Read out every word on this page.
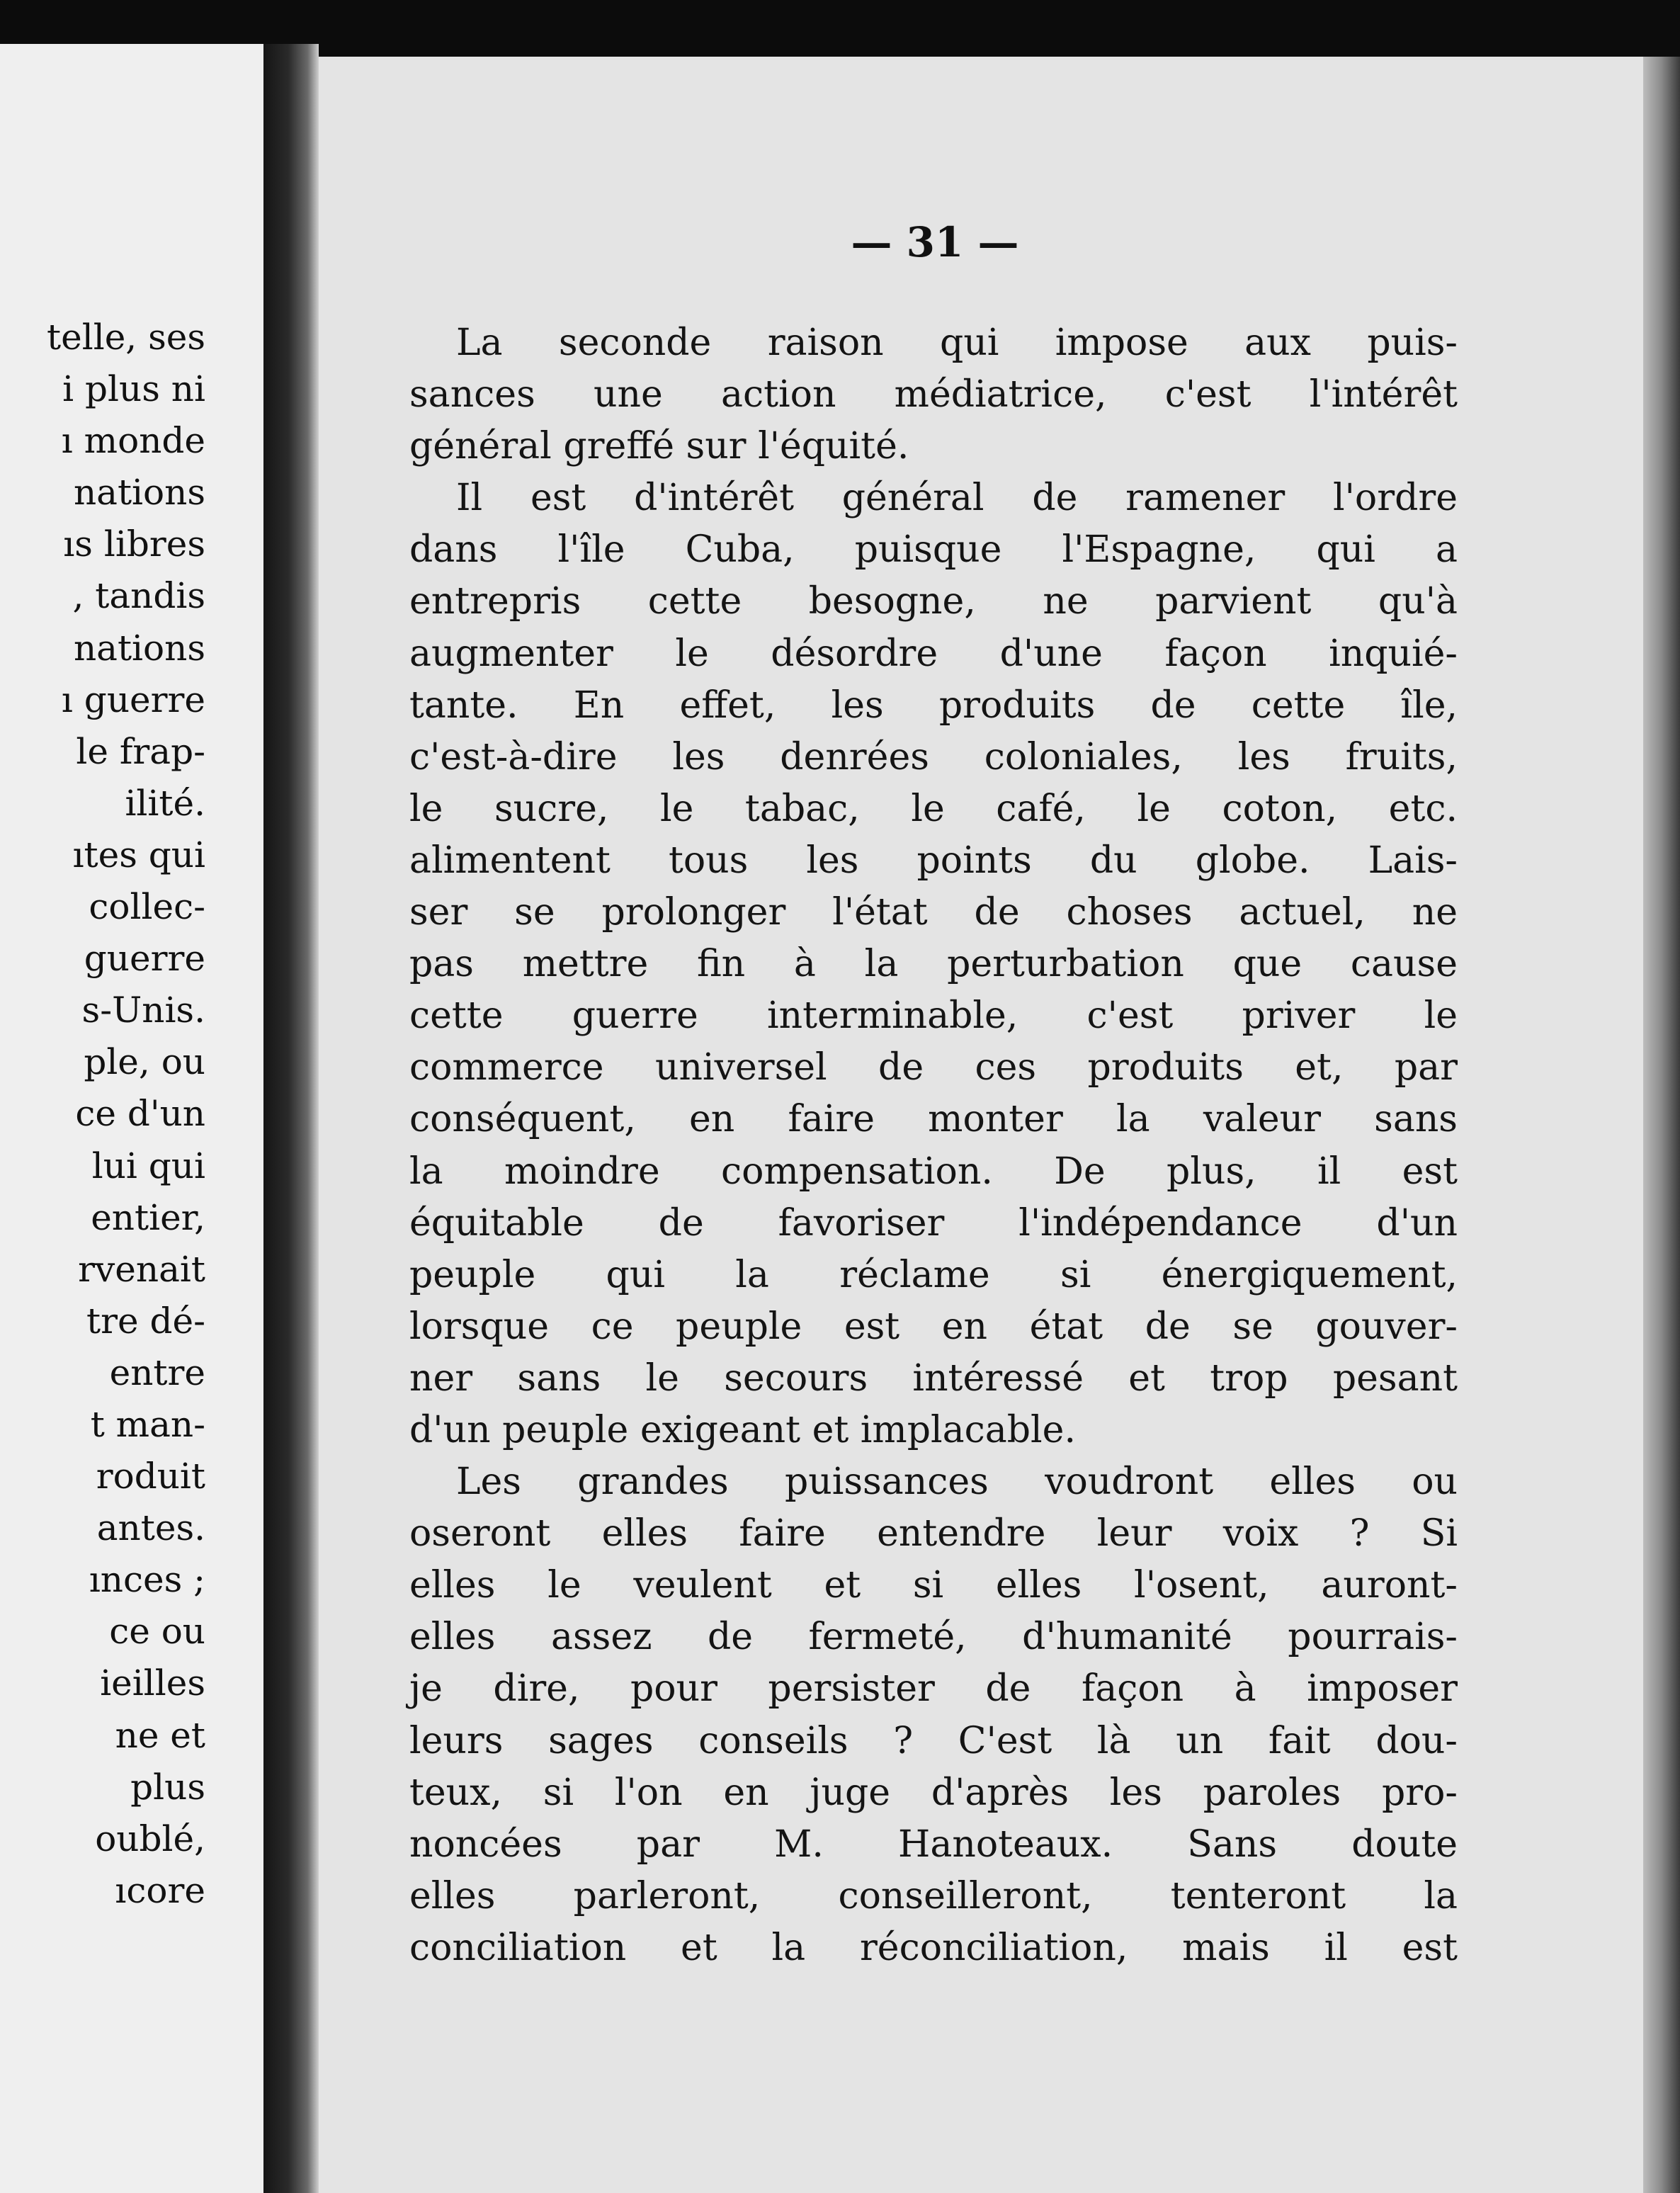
telle, ses
i plus ni
ı monde
nations
ıs libres
, tandis
nations
ı guerre
le frap-
ilité.
ıtes qui
collec-
guerre
s-Unis.
ple, ou
ce d'un
lui qui
entier,
rvenait
tre dé-
entre
t man-
roduit
antes.
ınces ;
ce ou
ieilles
ne et
plus
oublé,
ıcore
— 31 —
La seconde raison qui impose aux puis-
sances une action médiatrice, c'est l'intérêt
général greffé sur l'équité.
Il est d'intérêt général de ramener l'ordre
dans l'île Cuba, puisque l'Espagne, qui a
entrepris cette besogne, ne parvient qu'à
augmenter le désordre d'une façon inquié-
tante. En effet, les produits de cette île,
c'est-à-dire les denrées coloniales, les fruits,
le sucre, le tabac, le café, le coton, etc.
alimentent tous les points du globe. Lais-
ser se prolonger l'état de choses actuel, ne
pas mettre fin à la perturbation que cause
cette guerre interminable, c'est priver le
commerce universel de ces produits et, par
conséquent, en faire monter la valeur sans
la moindre compensation. De plus, il est
équitable de favoriser l'indépendance d'un
peuple qui la réclame si énergiquement,
lorsque ce peuple est en état de se gouver-
ner sans le secours intéressé et trop pesant
d'un peuple exigeant et implacable.
Les grandes puissances voudront elles ou
oseront elles faire entendre leur voix ? Si
elles le veulent et si elles l'osent, auront-
elles assez de fermeté, d'humanité pourrais-
je dire, pour persister de façon à imposer
leurs sages conseils ? C'est là un fait dou-
teux, si l'on en juge d'après les paroles pro-
noncées par M. Hanoteaux. Sans doute
elles parleront, conseilleront, tenteront la
conciliation et la réconciliation, mais il est
